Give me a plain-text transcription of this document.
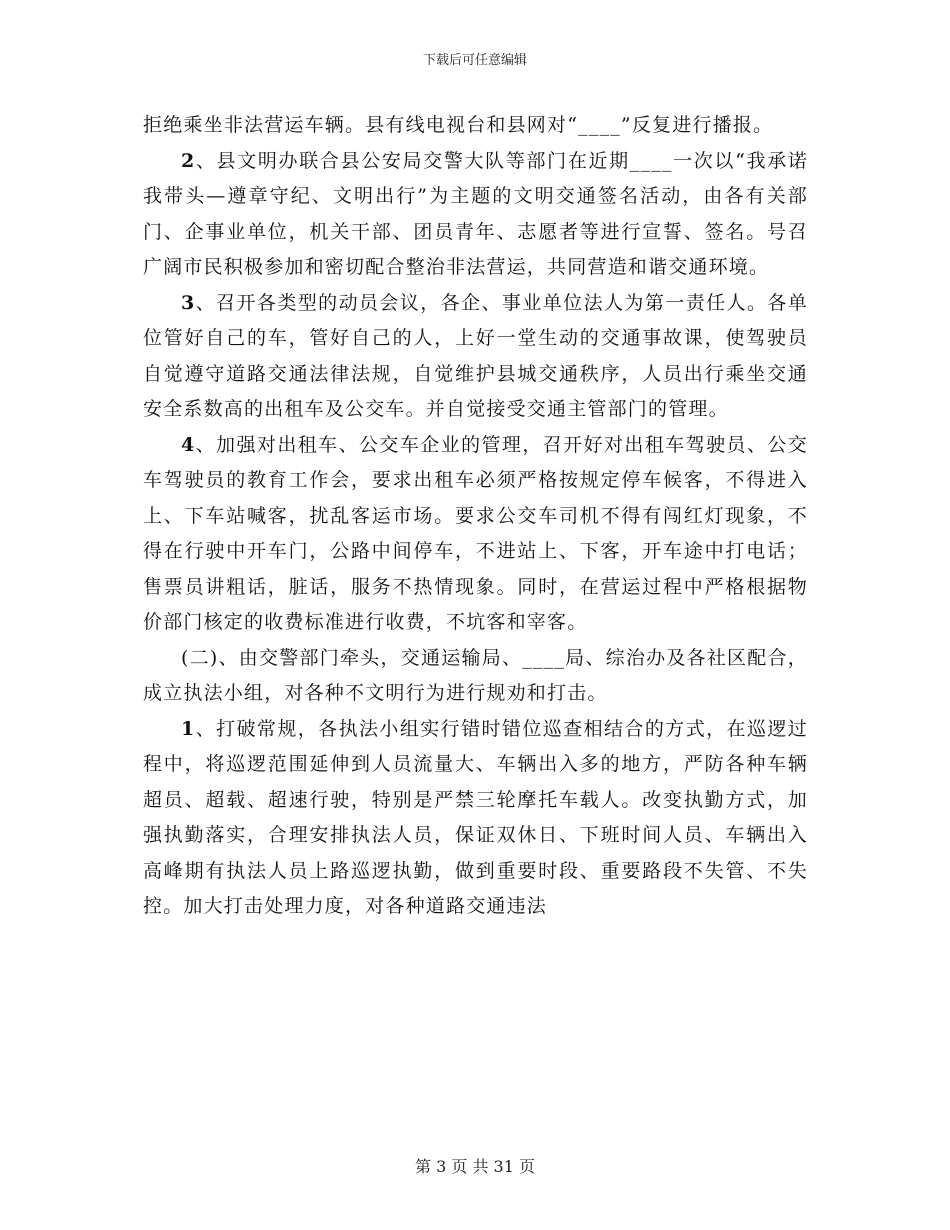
下载后可任意编辑

拒绝乘坐非法营运车辆。县有线电视台和县网对“____”反复进行播报。

2、县文明办联合县公安局交警大队等部门在近期____一次以“我承诺我带头—遵章守纪、文明出行”为主题的文明交通签名活动，由各有关部门、企事业单位，机关干部、团员青年、志愿者等进行宣誓、签名。号召广阔市民积极参加和密切配合整治非法营运，共同营造和谐交通环境。

3、召开各类型的动员会议，各企、事业单位法人为第一责任人。各单位管好自己的车，管好自己的人，上好一堂生动的交通事故课，使驾驶员自觉遵守道路交通法律法规，自觉维护县城交通秩序，人员出行乘坐交通安全系数高的出租车及公交车。并自觉接受交通主管部门的管理。

4、加强对出租车、公交车企业的管理，召开好对出租车驾驶员、公交车驾驶员的教育工作会，要求出租车必须严格按规定停车候客，不得进入上、下车站喊客，扰乱客运市场。要求公交车司机不得有闯红灯现象，不得在行驶中开车门，公路中间停车，不进站上、下客，开车途中打电话；售票员讲粗话，脏话，服务不热情现象。同时，在营运过程中严格根据物价部门核定的收费标准进行收费，不坑客和宰客。

(二)、由交警部门牵头，交通运输局、____局、综治办及各社区配合，成立执法小组，对各种不文明行为进行规劝和打击。

1、打破常规，各执法小组实行错时错位巡查相结合的方式，在巡逻过程中，将巡逻范围延伸到人员流量大、车辆出入多的地方，严防各种车辆超员、超载、超速行驶，特别是严禁三轮摩托车载人。改变执勤方式，加强执勤落实，合理安排执法人员，保证双休日、下班时间人员、车辆出入高峰期有执法人员上路巡逻执勤，做到重要时段、重要路段不失管、不失控。加大打击处理力度，对各种道路交通违法

第 3 页 共 31 页
